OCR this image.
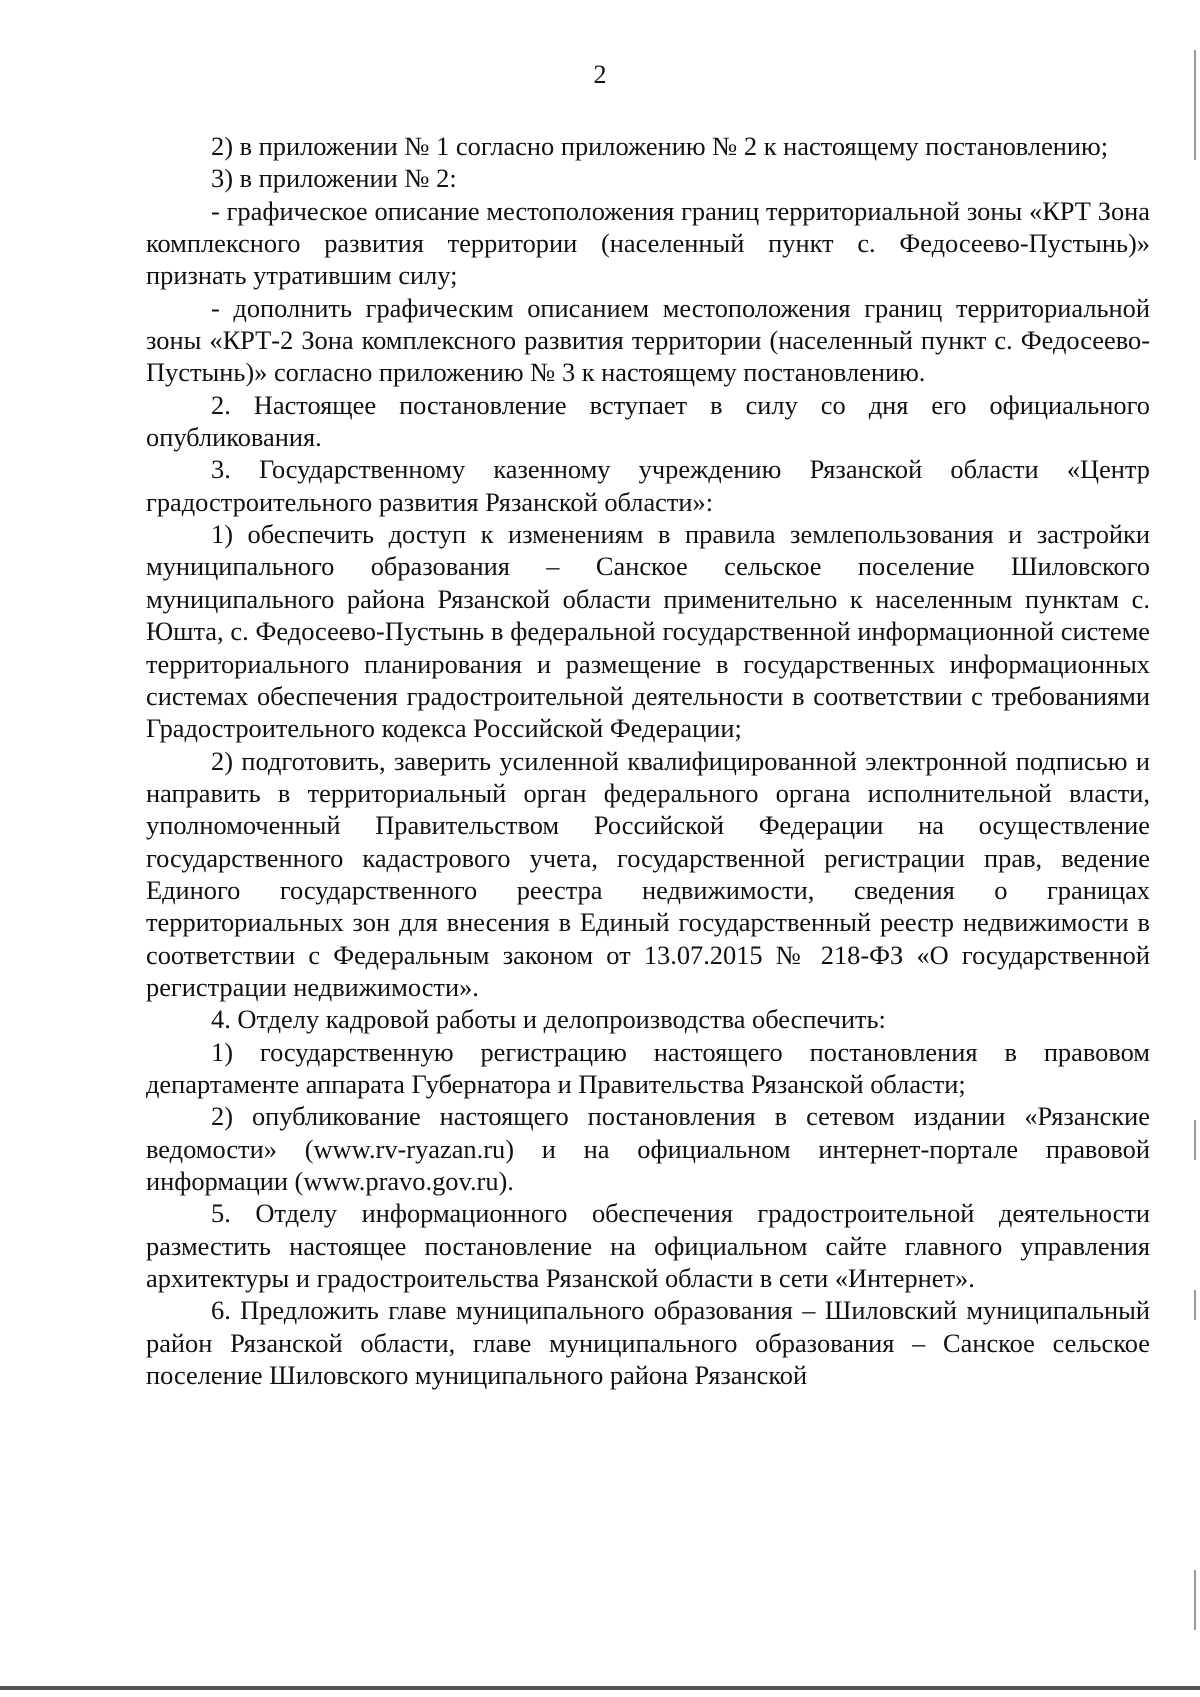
2

2) в приложении № 1 согласно приложению № 2 к настоящему постановлению;

3) в приложении № 2:

- графическое описание местоположения границ территориальной зоны «КРТ Зона комплексного развития территории (населенный пункт с. Федосеево-Пустынь)» признать утратившим силу;

- дополнить графическим описанием местоположения границ территориальной зоны «КРТ-2 Зона комплексного развития территории (населенный пункт с. Федосеево-Пустынь)» согласно приложению № 3 к настоящему постановлению.

2. Настоящее постановление вступает в силу со дня его официального опубликования.

3. Государственному казенному учреждению Рязанской области «Центр градостроительного развития Рязанской области»:

1) обеспечить доступ к изменениям в правила землепользования и застройки муниципального образования – Санское сельское поселение Шиловского муниципального района Рязанской области применительно к населенным пунктам с. Юшта, с. Федосеево-Пустынь в федеральной государственной информационной системе территориального планирования и размещение в государственных информационных системах обеспечения градостроительной деятельности в соответствии с требованиями Градостроительного кодекса Российской Федерации;

2) подготовить, заверить усиленной квалифицированной электронной подписью и направить в территориальный орган федерального органа исполнительной власти, уполномоченный Правительством Российской Федерации на осуществление государственного кадастрового учета, государственной регистрации прав, ведение Единого государственного реестра недвижимости, сведения о границах территориальных зон для внесения в Единый государственный реестр недвижимости в соответствии с Федеральным законом от 13.07.2015 № 218-ФЗ «О государственной регистрации недвижимости».

4. Отделу кадровой работы и делопроизводства обеспечить:

1) государственную регистрацию настоящего постановления в правовом департаменте аппарата Губернатора и Правительства Рязанской области;

2) опубликование настоящего постановления в сетевом издании «Рязанские ведомости» (www.rv-ryazan.ru) и на официальном интернет-портале правовой информации (www.pravo.gov.ru).

5. Отделу информационного обеспечения градостроительной деятельности разместить настоящее постановление на официальном сайте главного управления архитектуры и градостроительства Рязанской области в сети «Интернет».

6. Предложить главе муниципального образования – Шиловский муниципальный район Рязанской области, главе муниципального образования – Санское сельское поселение Шиловского муниципального района Рязанской
